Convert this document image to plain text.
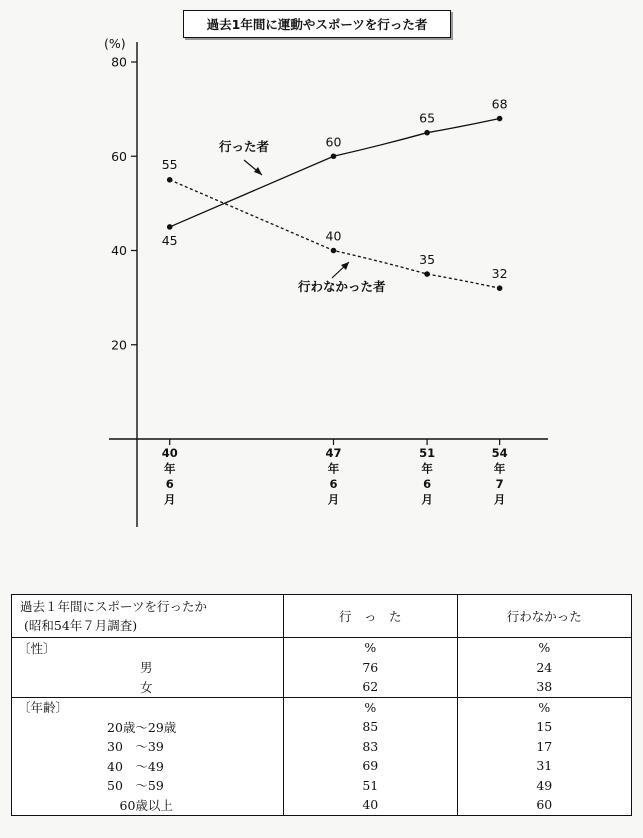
過去1年間に運動やスポーツを行った者
(%)
20
40
60
80
40
年
6
月
47
年
6
月
51
年
6
月
54
年
7
月
45
60
65
68
55
40
35
32
行った者
行わなかった者
過去１年間にスポーツを行ったか
(昭和54年７月調査)	行　っ　た	行わなかった
〔性〕	%	%
男	76	24
女	62	38
〔年齢〕	%	%
20歳～29歳	85	15
30　～39	83	17
40　～49	69	31
50　～59	51	49
　60歳以上	40	60
